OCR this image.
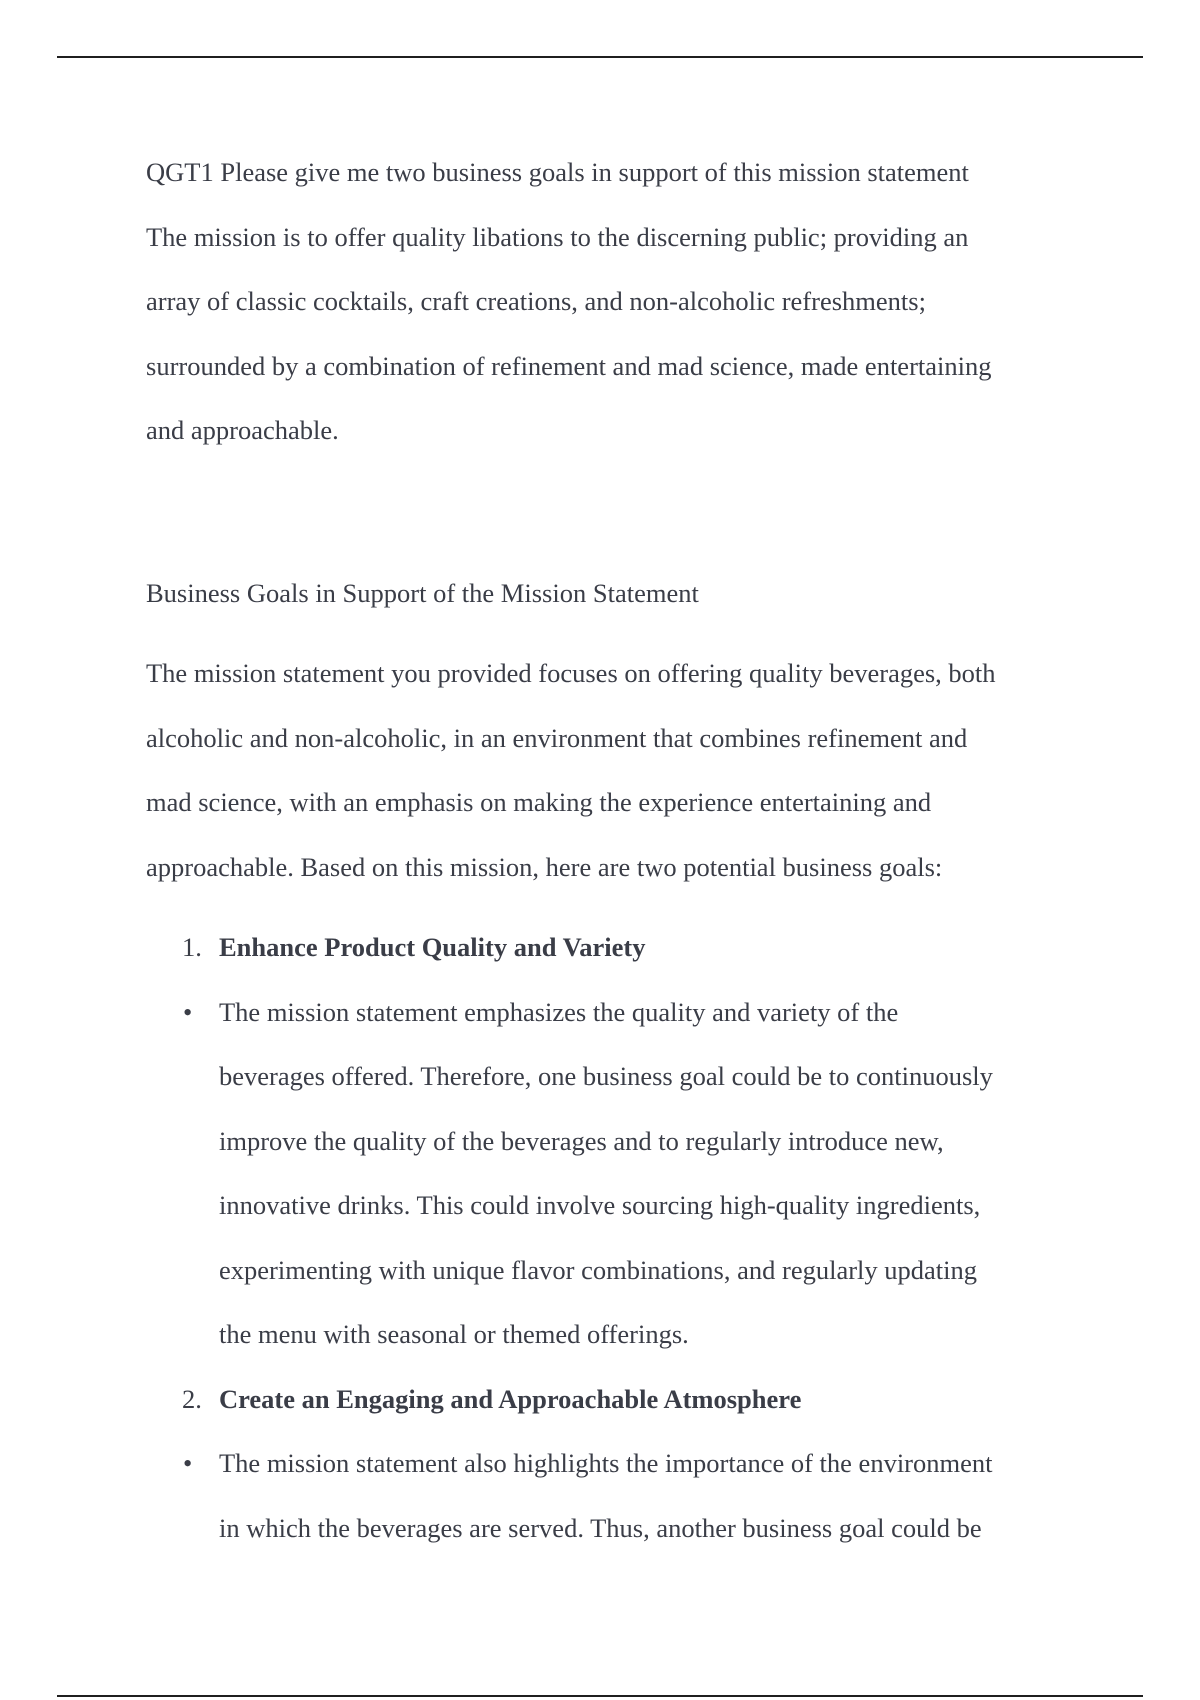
QGT1 Please give me two business goals in support of this mission statement

The mission is to offer quality libations to the discerning public; providing an

array of classic cocktails, craft creations, and non-alcoholic refreshments;

surrounded by a combination of refinement and mad science, made entertaining

and approachable.

Business Goals in Support of the Mission Statement

The mission statement you provided focuses on offering quality beverages, both

alcoholic and non-alcoholic, in an environment that combines refinement and

mad science, with an emphasis on making the experience entertaining and

approachable. Based on this mission, here are two potential business goals:

1. Enhance Product Quality and Variety
• The mission statement emphasizes the quality and variety of the
beverages offered. Therefore, one business goal could be to continuously
improve the quality of the beverages and to regularly introduce new,
innovative drinks. This could involve sourcing high-quality ingredients,
experimenting with unique flavor combinations, and regularly updating
the menu with seasonal or themed offerings.
2. Create an Engaging and Approachable Atmosphere
• The mission statement also highlights the importance of the environment
in which the beverages are served. Thus, another business goal could be
